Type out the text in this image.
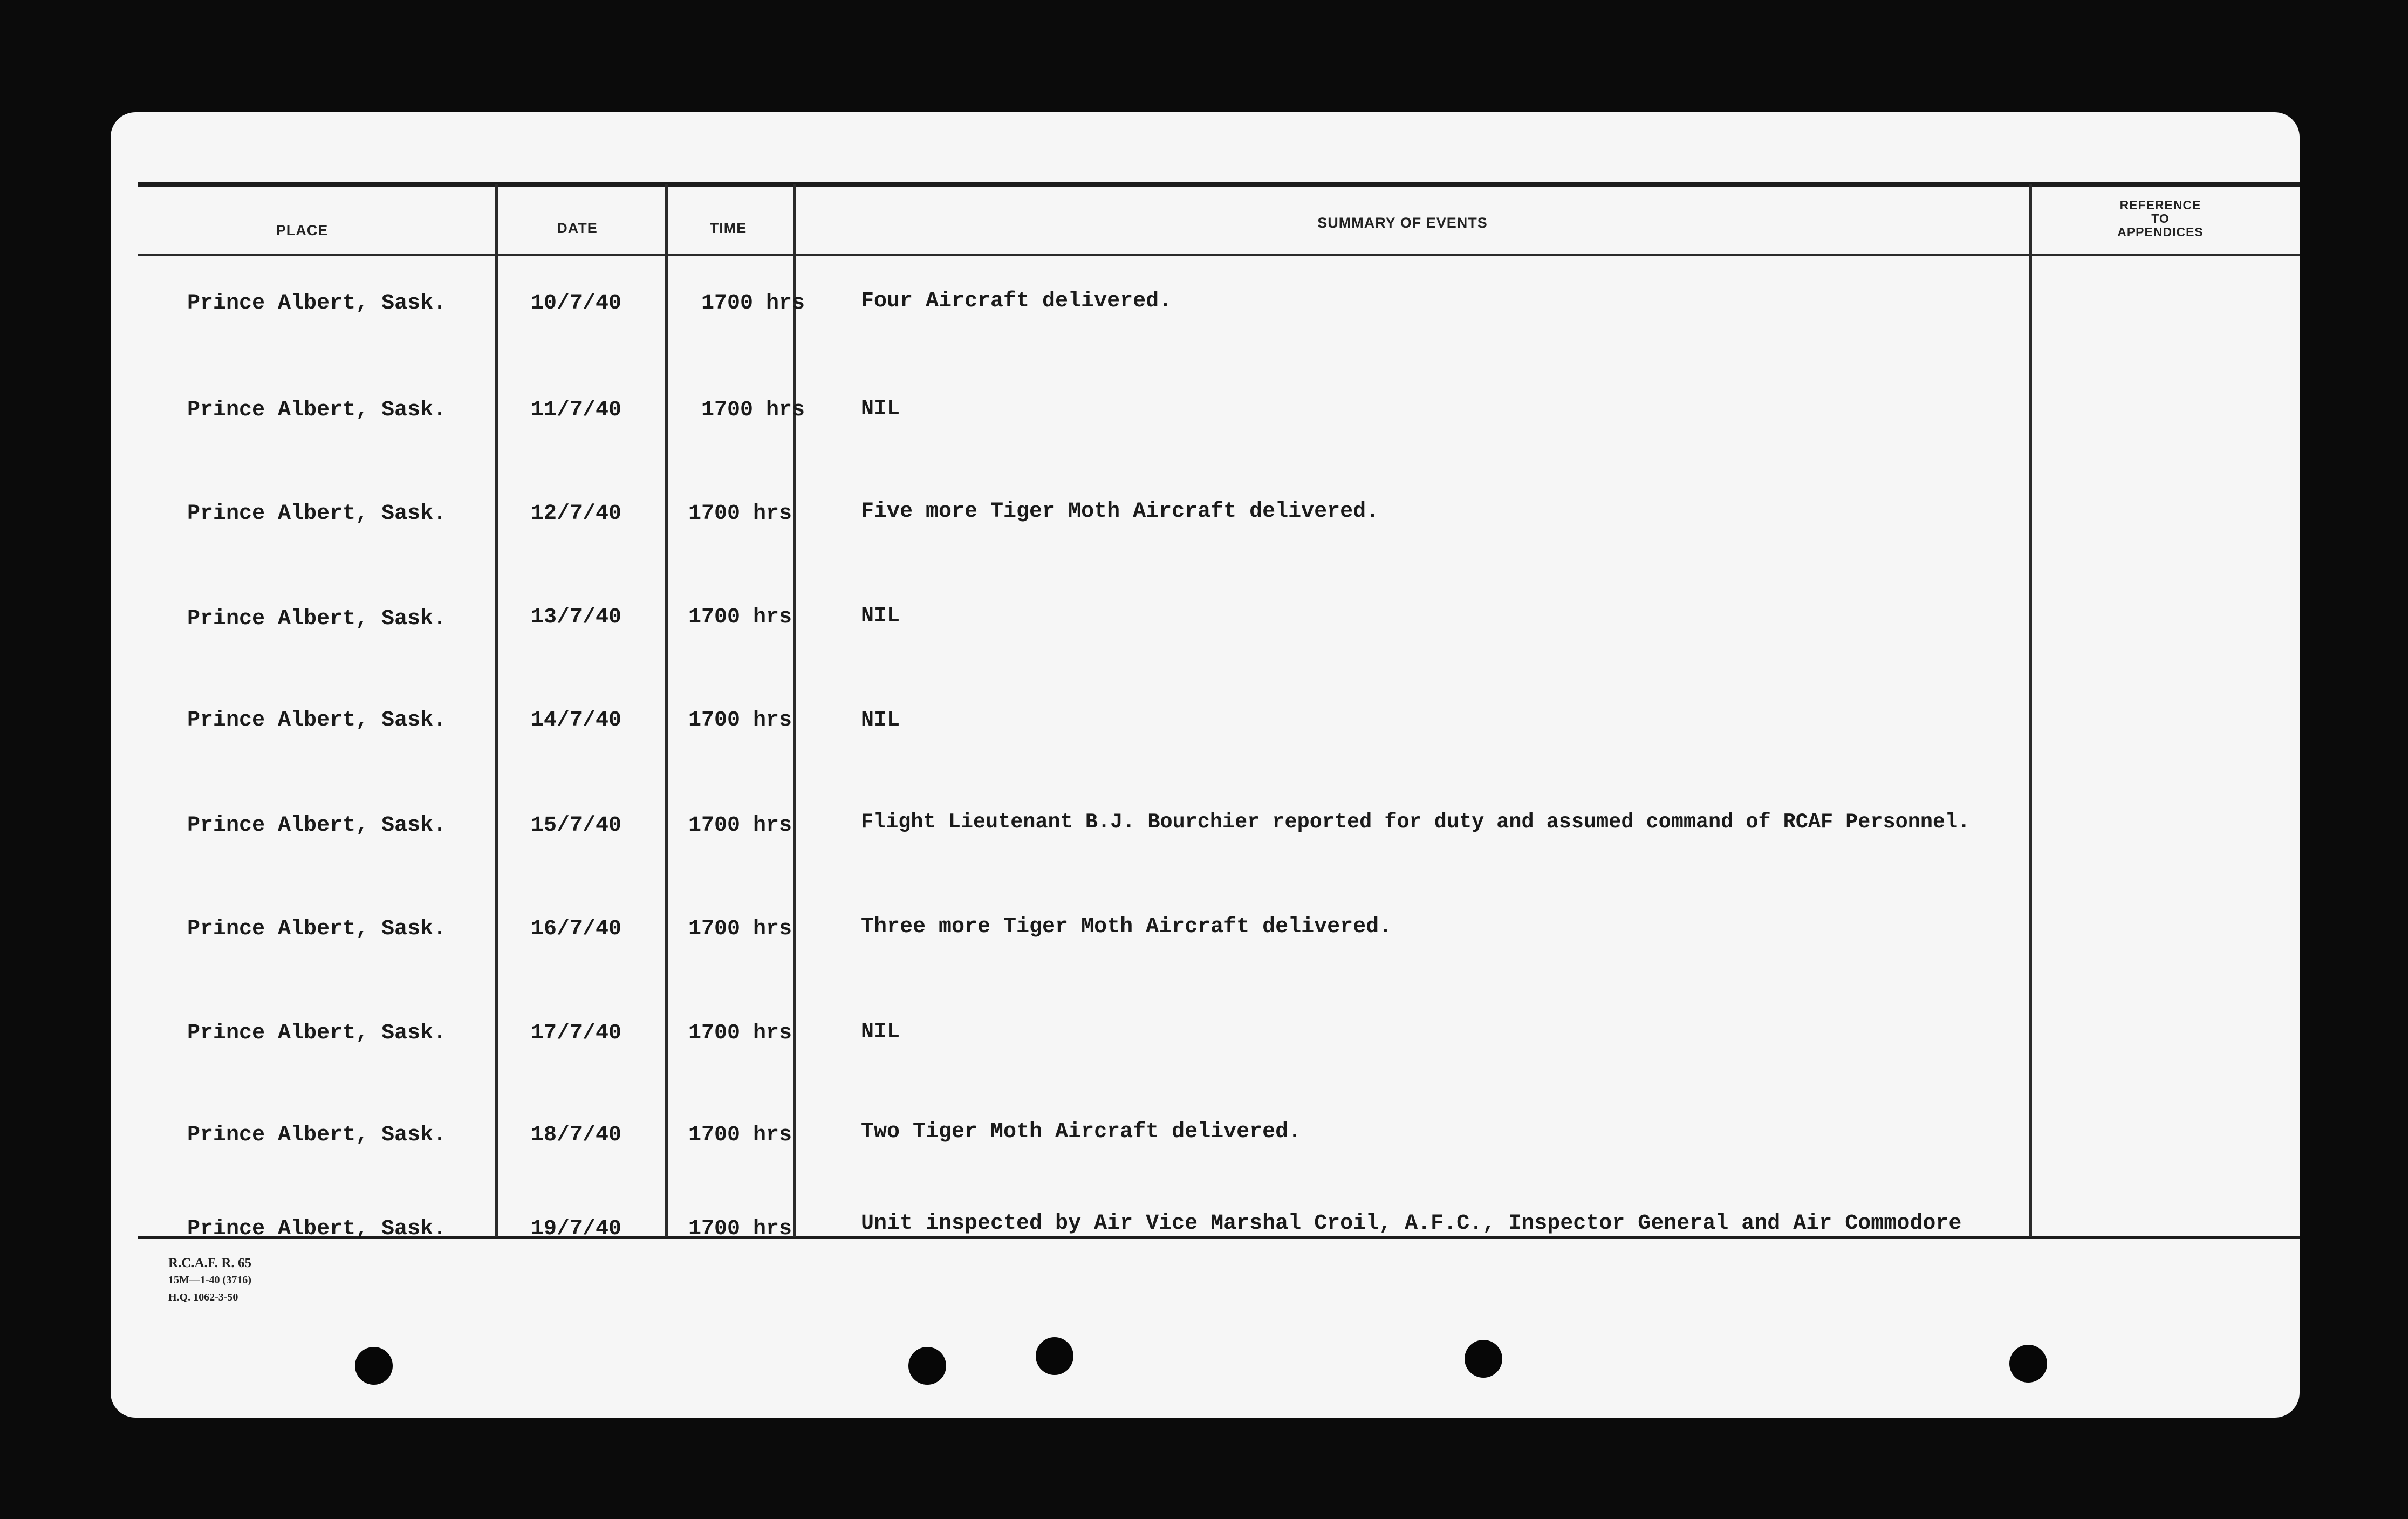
PLACE	DATE	TIME	SUMMARY OF EVENTS
REFERENCE
TO
APPENDICES
Prince Albert, Sask.	10/7/40	1700 hrs	Four Aircraft delivered.
Prince Albert, Sask.	11/7/40	1700 hrs	NIL
Prince Albert, Sask.	12/7/40	1700 hrs	Five more Tiger Moth Aircraft delivered.
Prince Albert, Sask.	13/7/40	1700 hrs	NIL
Prince Albert, Sask.	14/7/40	1700 hrs	NIL
Prince Albert, Sask.	15/7/40	1700 hrs	Flight Lieutenant B.J. Bourchier reported for duty and assumed command of RCAF Personnel.
Prince Albert, Sask.	16/7/40	1700 hrs	Three more Tiger Moth Aircraft delivered.
Prince Albert, Sask.	17/7/40	1700 hrs	NIL
Prince Albert, Sask.	18/7/40	1700 hrs	Two Tiger Moth Aircraft delivered.
Prince Albert, Sask.	19/7/40	1700 hrs	Unit inspected by Air Vice Marshal Croil, A.F.C., Inspector General and Air Commodore
R.C.A.F. R. 65
15M—1-40 (3716)
H.Q. 1062-3-50
